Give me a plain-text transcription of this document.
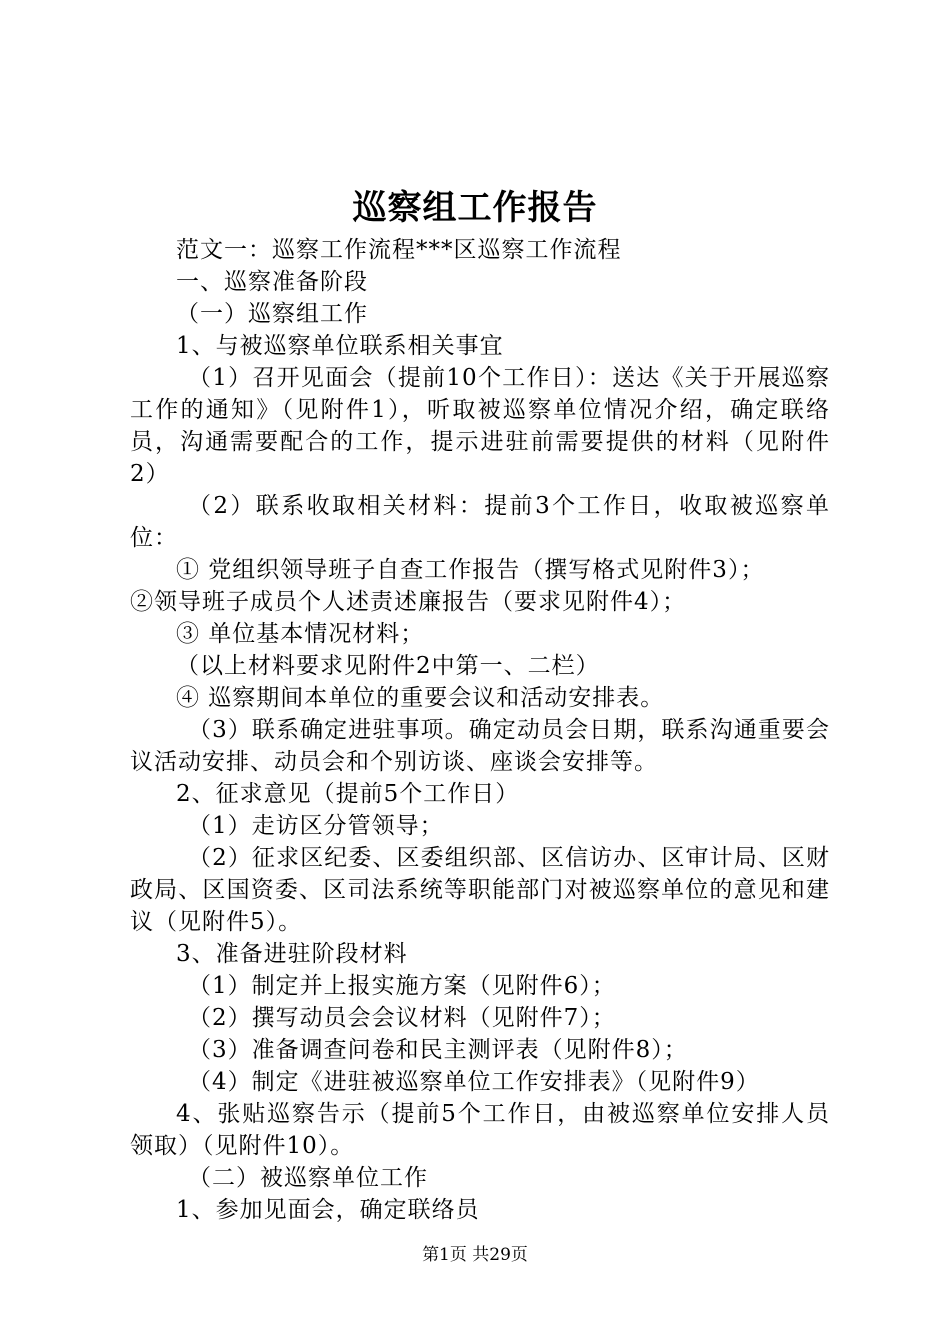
巡察组工作报告

范文一：巡察工作流程***区巡察工作流程

一、巡察准备阶段

（一）巡察组工作

1、与被巡察单位联系相关事宜

（1）召开见面会（提前10个工作日）：送达《关于开展巡察工作的通知》（见附件1），听取被巡察单位情况介绍，确定联络员，沟通需要配合的工作，提示进驻前需要提供的材料（见附件2）

（2）联系收取相关材料：提前3个工作日，收取被巡察单位：

① 党组织领导班子自查工作报告（撰写格式见附件3）；

②领导班子成员个人述责述廉报告（要求见附件4）；

③ 单位基本情况材料；

（以上材料要求见附件2中第一、二栏）

④ 巡察期间本单位的重要会议和活动安排表。

（3）联系确定进驻事项。确定动员会日期，联系沟通重要会议活动安排、动员会和个别访谈、座谈会安排等。

2、征求意见（提前5个工作日）

（1）走访区分管领导；

（2）征求区纪委、区委组织部、区信访办、区审计局、区财政局、区国资委、区司法系统等职能部门对被巡察单位的意见和建议（见附件5）。

3、准备进驻阶段材料

（1）制定并上报实施方案（见附件6）；

（2）撰写动员会会议材料（见附件7）；

（3）准备调查问卷和民主测评表（见附件8）；

（4）制定《进驻被巡察单位工作安排表》（见附件9）

4、张贴巡察告示（提前5个工作日，由被巡察单位安排人员领取）（见附件10）。

（二）被巡察单位工作

1、参加见面会，确定联络员

第1页 共29页
